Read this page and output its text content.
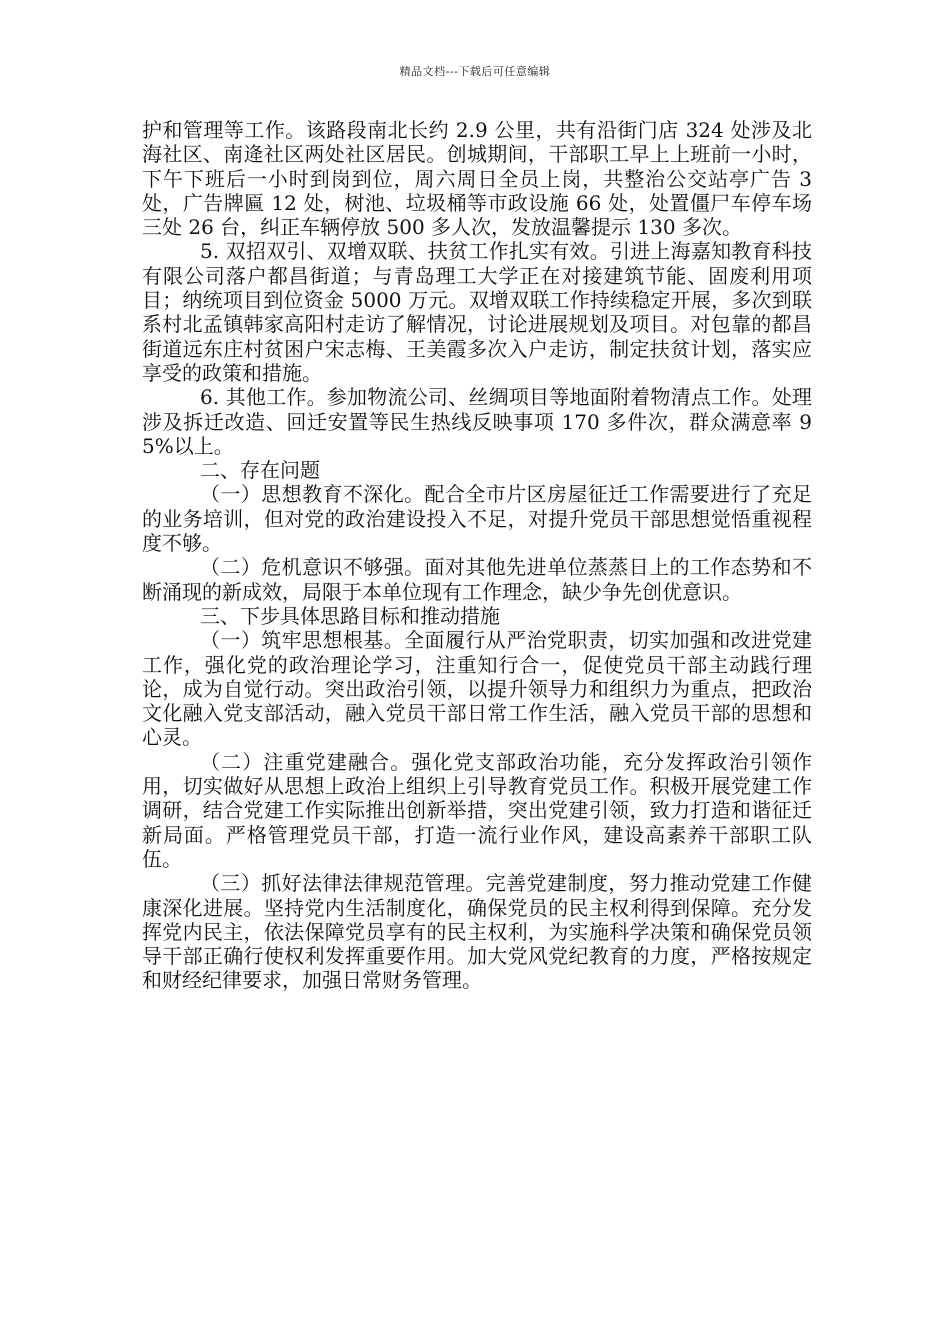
精品文档---下载后可任意编辑

护和管理等工作。该路段南北长约 2.9 公里，共有沿街门店 324 处涉及北海社区、南逄社区两处社区居民。创城期间，干部职工早上上班前一小时，下午下班后一小时到岗到位，周六周日全员上岗，共整治公交站亭广告 3 处，广告牌匾 12 处，树池、垃圾桶等市政设施 66 处，处置僵尸车停车场三处 26 台，纠正车辆停放 500 多人次，发放温馨提示 130 多次。

5. 双招双引、双增双联、扶贫工作扎实有效。引进上海嘉知教育科技有限公司落户都昌街道；与青岛理工大学正在对接建筑节能、固废利用项目；纳统项目到位资金 5000 万元。双增双联工作持续稳定开展，多次到联系村北孟镇韩家高阳村走访了解情况，讨论进展规划及项目。对包靠的都昌街道远东庄村贫困户宋志梅、王美霞多次入户走访，制定扶贫计划，落实应享受的政策和措施。

6. 其他工作。参加物流公司、丝绸项目等地面附着物清点工作。处理涉及拆迁改造、回迁安置等民生热线反映事项 170 多件次，群众满意率 95%以上。

二、存在问题

（一）思想教育不深化。配合全市片区房屋征迁工作需要进行了充足的业务培训，但对党的政治建设投入不足，对提升党员干部思想觉悟重视程度不够。

（二）危机意识不够强。面对其他先进单位蒸蒸日上的工作态势和不断涌现的新成效，局限于本单位现有工作理念，缺少争先创优意识。

三、下步具体思路目标和推动措施

（一）筑牢思想根基。全面履行从严治党职责，切实加强和改进党建工作，强化党的政治理论学习，注重知行合一，促使党员干部主动践行理论，成为自觉行动。突出政治引领，以提升领导力和组织力为重点，把政治文化融入党支部活动，融入党员干部日常工作生活，融入党员干部的思想和心灵。

（二）注重党建融合。强化党支部政治功能，充分发挥政治引领作用，切实做好从思想上政治上组织上引导教育党员工作。积极开展党建工作调研，结合党建工作实际推出创新举措，突出党建引领，致力打造和谐征迁新局面。严格管理党员干部，打造一流行业作风，建设高素养干部职工队伍。

（三）抓好法律法律规范管理。完善党建制度，努力推动党建工作健康深化进展。坚持党内生活制度化，确保党员的民主权利得到保障。充分发挥党内民主，依法保障党员享有的民主权利，为实施科学决策和确保党员领导干部正确行使权利发挥重要作用。加大党风党纪教育的力度，严格按规定和财经纪律要求，加强日常财务管理。
